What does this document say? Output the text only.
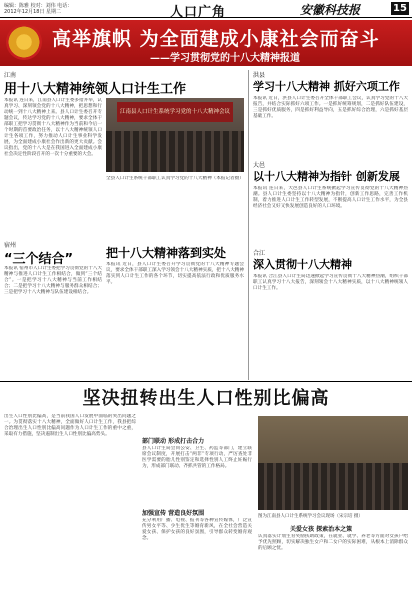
编辑：陈雅 校对：刘伟 电话：
2012年12月18日 星期二	人口广角	安徽科技报	15
高举旗帜 为全面建成小康社会而奋斗
——学习贯彻党的十八大精神报道
江南
用十八大精神统领人口计生工作
江南县人口计生系统学习党的十八大精神会议
本报讯 连日来，江南县人口计生委多措并举，认真学习、深刻领会党的十八大精神，把思想和行动统一到十八大精神上来。县人口计生委召开专题会议，传达学习党的十八大精神，要求全体干部职工把学习贯彻十八大精神作为当前和今后一个时期的首要政治任务，以十八大精神统领人口计生各项工作，努力推动人口计生事业科学发展，为全面建成小康社会作出新的更大贡献。会议指出，党的十八大是在我国进入全面建成小康社会决定性阶段召开的一次十分重要的大会。
全县人口计生系统干部职工认真学习党的十八大精神（本报记者摄）
洪县
学习十八大精神 抓好六项工作
本报讯 近日，洪县人口计生委召开全体干部职工会议，认真学习党的十八大报告，并结合实际抓好六项工作。一是抓好统筹规划，二是抓好队伍建设，三是抓好优质服务，四是抓好利益导向，五是抓好综合治理，六是抓好基层基础工作。
大邑
以十八大精神为指针 创新发展
本报讯 连日来，大邑县人口计生系统掀起学习宣传贯彻党的十八大精神热潮。县人口计生委坚持以十八大精神为指针，创新工作思路，完善工作机制，着力推进人口计生工作转型发展，不断提高人口计生工作水平，为全县经济社会又好又快发展创造良好的人口环境。
宿州
“三个结合”
本报讯 宿州市人口计生委把学习贯彻党的十八大精神与推进人口计生工作相结合，做到“三个结合”。一是把学习十八大精神与当前工作相结合；二是把学习十八大精神与服务群众相结合；三是把学习十八大精神与队伍建设相结合。
把十八大精神落到实处
本报讯 近日，县人口计生委召开学习贯彻党的十八大精神专题会议，要求全体干部职工深入学习领会十八大精神实质，把十八大精神落实到人口计生工作的各个环节，切实提高依法行政和优质服务水平。
合江
深入贯彻十八大精神
本报讯 合江县人口计生局迅速掀起学习宣传贯彻十八大精神热潮，组织干部职工认真学习十八大报告，深刻领会十八大精神实质，以十八大精神统领人口计生工作。
坚决扭转出生人口性别比偏高
出生人口性别比偏高，是当前我国人口发展中面临的突出问题之一。为贯彻落实十八大精神，全面做好人口计生工作，我县把综合治理出生人口性别比偏高问题作为人口计生工作的重中之重，采取有力措施，坚决遏制出生人口性别比偏高势头。
部门联动 形成打击合力
县人口计生局会同公安、卫生、药监等部门，建立联席会议制度，开展打击“两非”专项行动，严厉查处非医学需要的胎儿性别鉴定和选择性别人工终止妊娠行为，形成部门联动、齐抓共管的工作格局。
加强宣传 营造良好氛围
充分利用广播、电视、报刊等各种宣传媒体，广泛宣传男女平等、少生优生等婚育新风，在全社会营造关爱女孩、保护女孩的良好氛围，引导群众转变婚育观念。
图为江南县人口计生系统学习会议现场（宋宗培 摄）
关爱女孩 探索治本之策
认真落实计划生育奖励扶助政策，在就业、就学、养老等方面对女孩户给予优先照顾，切实解决独生女户和二女户的实际困难，从根本上消除群众的后顾之忧。
